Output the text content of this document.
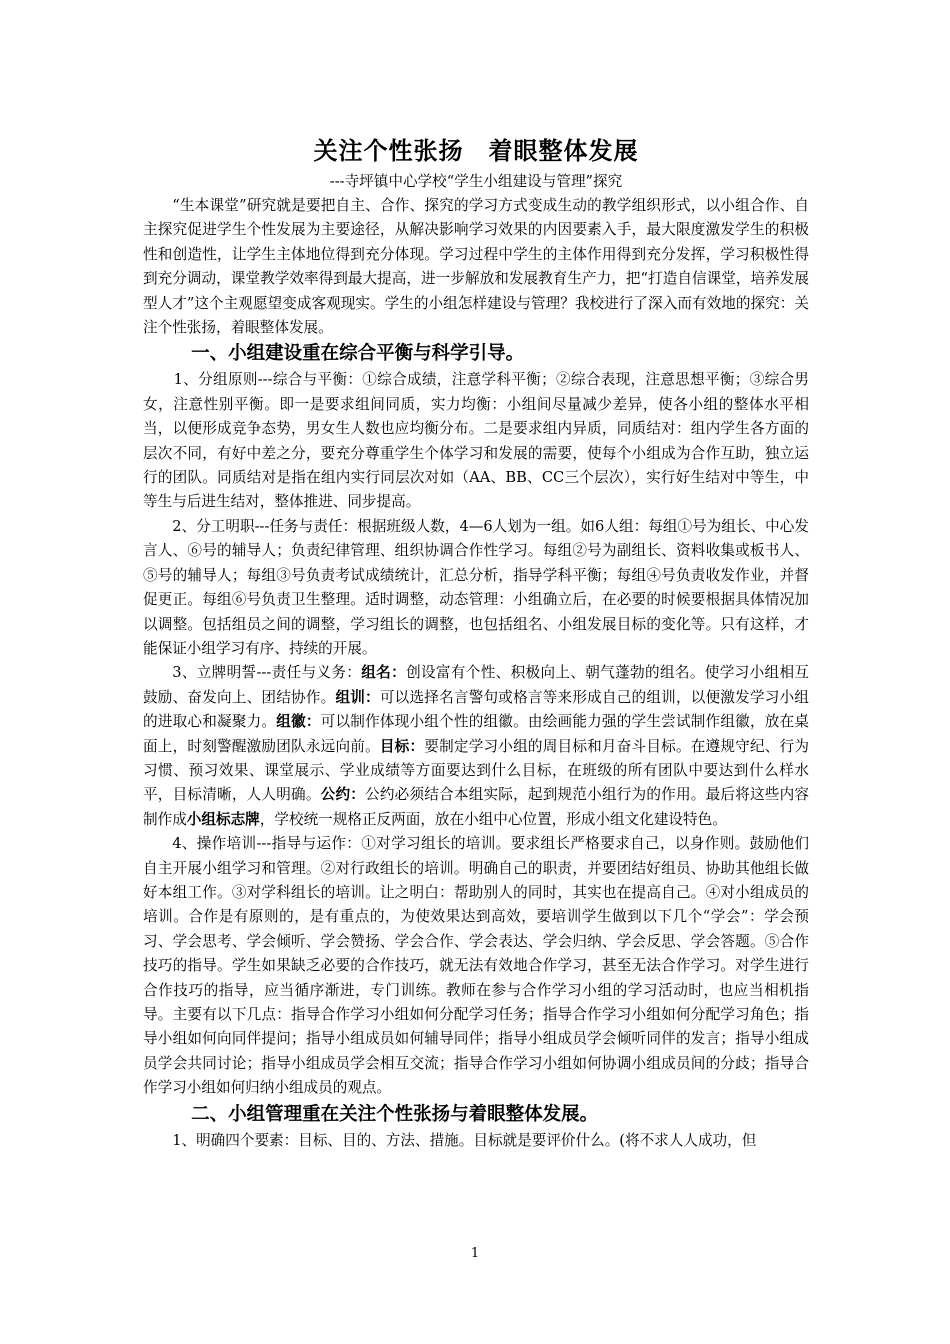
关注个性张扬　着眼整体发展
---寺坪镇中心学校“学生小组建设与管理”探究

“生本课堂”研究就是要把自主、合作、探究的学习方式变成生动的教学组织形式，以小组合作、自主探究促进学生个性发展为主要途径，从解决影响学习效果的内因要素入手，最大限度激发学生的积极性和创造性，让学生主体地位得到充分体现。学习过程中学生的主体作用得到充分发挥，学习积极性得到充分调动，课堂教学效率得到最大提高，进一步解放和发展教育生产力，把“打造自信课堂，培养发展型人才”这个主观愿望变成客观现实。学生的小组怎样建设与管理？我校进行了深入而有效地的探究：关注个性张扬，着眼整体发展。

一、小组建设重在综合平衡与科学引导。

1、分组原则---综合与平衡：①综合成绩，注意学科平衡；②综合表现，注意思想平衡；③综合男女，注意性别平衡。即一是要求组间同质，实力均衡：小组间尽量减少差异，使各小组的整体水平相当，以便形成竞争态势，男女生人数也应均衡分布。二是要求组内异质，同质结对：组内学生各方面的层次不同，有好中差之分，要充分尊重学生个体学习和发展的需要，使每个小组成为合作互助，独立运行的团队。同质结对是指在组内实行同层次对如（AA、BB、CC三个层次），实行好生结对中等生，中等生与后进生结对，整体推进、同步提高。

2、分工明职---任务与责任：根据班级人数，4—6人划为一组。如6人组：每组①号为组长、中心发言人、⑥号的辅导人；负责纪律管理、组织协调合作性学习。每组②号为副组长、资料收集或板书人、⑤号的辅导人；每组③号负责考试成绩统计，汇总分析，指导学科平衡；每组④号负责收发作业，并督促更正。每组⑥号负责卫生整理。适时调整，动态管理：小组确立后，在必要的时候要根据具体情况加以调整。包括组员之间的调整，学习组长的调整，也包括组名、小组发展目标的变化等。只有这样，才能保证小组学习有序、持续的开展。

3、立牌明誓---责任与义务：组名：创设富有个性、积极向上、朝气蓬勃的组名。使学习小组相互鼓励、奋发向上、团结协作。组训：可以选择名言警句或格言等来形成自己的组训，以便激发学习小组的进取心和凝聚力。组徽：可以制作体现小组个性的组徽。由绘画能力强的学生尝试制作组徽，放在桌面上，时刻警醒激励团队永远向前。目标：要制定学习小组的周目标和月奋斗目标。在遵规守纪、行为习惯、预习效果、课堂展示、学业成绩等方面要达到什么目标，在班级的所有团队中要达到什么样水平，目标清晰，人人明确。公约：公约必须结合本组实际，起到规范小组行为的作用。最后将这些内容制作成小组标志牌，学校统一规格正反两面，放在小组中心位置，形成小组文化建设特色。

4、操作培训---指导与运作：①对学习组长的培训。要求组长严格要求自己，以身作则。鼓励他们自主开展小组学习和管理。②对行政组长的培训。明确自己的职责，并要团结好组员、协助其他组长做好本组工作。③对学科组长的培训。让之明白：帮助别人的同时，其实也在提高自己。④对小组成员的培训。合作是有原则的，是有重点的，为使效果达到高效，要培训学生做到以下几个“学会”：学会预习、学会思考、学会倾听、学会赞扬、学会合作、学会表达、学会归纳、学会反思、学会答题。⑤合作技巧的指导。学生如果缺乏必要的合作技巧，就无法有效地合作学习，甚至无法合作学习。对学生进行合作技巧的指导，应当循序渐进，专门训练。教师在参与合作学习小组的学习活动时，也应当相机指导。主要有以下几点：指导合作学习小组如何分配学习任务；指导合作学习小组如何分配学习角色；指导小组如何向同伴提问；指导小组成员如何辅导同伴；指导小组成员学会倾听同伴的发言；指导小组成员学会共同讨论；指导小组成员学会相互交流；指导合作学习小组如何协调小组成员间的分歧；指导合作学习小组如何归纳小组成员的观点。

二、小组管理重在关注个性张扬与着眼整体发展。

1、明确四个要素：目标、目的、方法、措施。目标就是要评价什么。(将不求人人成功，但

1
